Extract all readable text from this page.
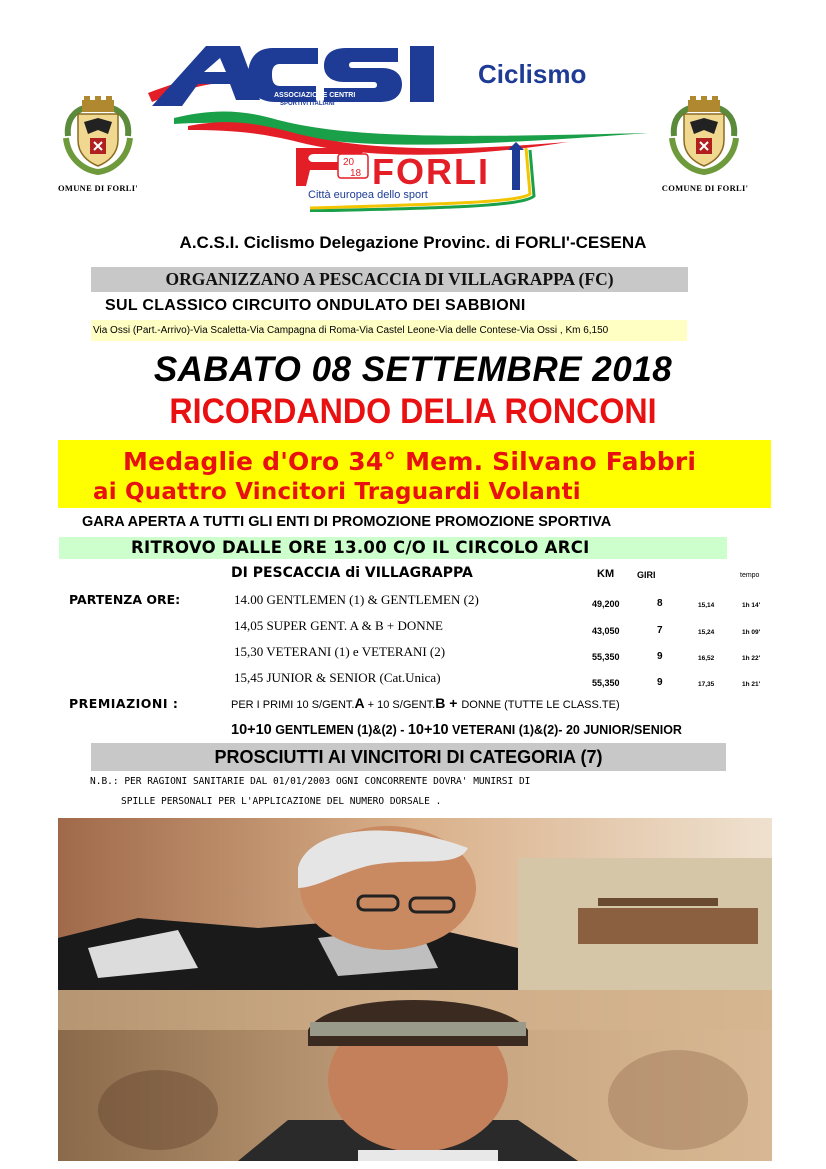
ASSOCIAZIONE CENTRI
SPORTIVI ITALIANI
Ciclismo
OMUNE DI FORLI'	COMUNE DI FORLI'
20
18 FORLI
Città europea dello sport
A.C.S.I. Ciclismo Delegazione Provinc. di FORLI'-CESENA
ORGANIZZANO A PESCACCIA DI VILLAGRAPPA (FC)
SUL CLASSICO CIRCUITO ONDULATO DEI SABBIONI
Via Ossi (Part.-Arrivo)-Via Scaletta-Via Campagna di Roma-Via Castel Leone-Via delle Contese-Via Ossi , Km 6,150
SABATO 08 SETTEMBRE 2018
RICORDANDO DELIA RONCONI
Medaglie d'Oro 34° Mem. Silvano Fabbri
ai Quattro Vincitori Traguardi Volanti
GARA APERTA A TUTTI GLI ENTI DI PROMOZIONE PROMOZIONE SPORTIVA
RITROVO DALLE ORE 13.00 C/O IL CIRCOLO ARCI
DI PESCACCIA di VILLAGRAPPA	KM	GIRI	tempo
PARTENZA ORE:	14.00 GENTLEMEN (1) & GENTLEMEN (2)	49,200	8	15,14	1h 14'
14,05 SUPER GENT. A & B + DONNE	43,050	7	15,24	1h 09'
15,30 VETERANI (1) e VETERANI (2)	55,350	9	16,52	1h 22'
15,45 JUNIOR & SENIOR (Cat.Unica)	55,350	9	17,35	1h 21'
PREMIAZIONI :	PER I PRIMI 10 S/GENT.A + 10 S/GENT.B + DONNE (TUTTE LE CLASS.TE)
10+10 GENTLEMEN (1)&(2) - 10+10 VETERANI (1)&(2)- 20 JUNIOR/SENIOR
PROSCIUTTI AI VINCITORI DI CATEGORIA (7)
N.B.: PER RAGIONI SANITARIE DAL 01/01/2003 OGNI CONCORRENTE DOVRA' MUNIRSI DI
SPILLE PERSONALI PER L'APPLICAZIONE DEL NUMERO DORSALE .
